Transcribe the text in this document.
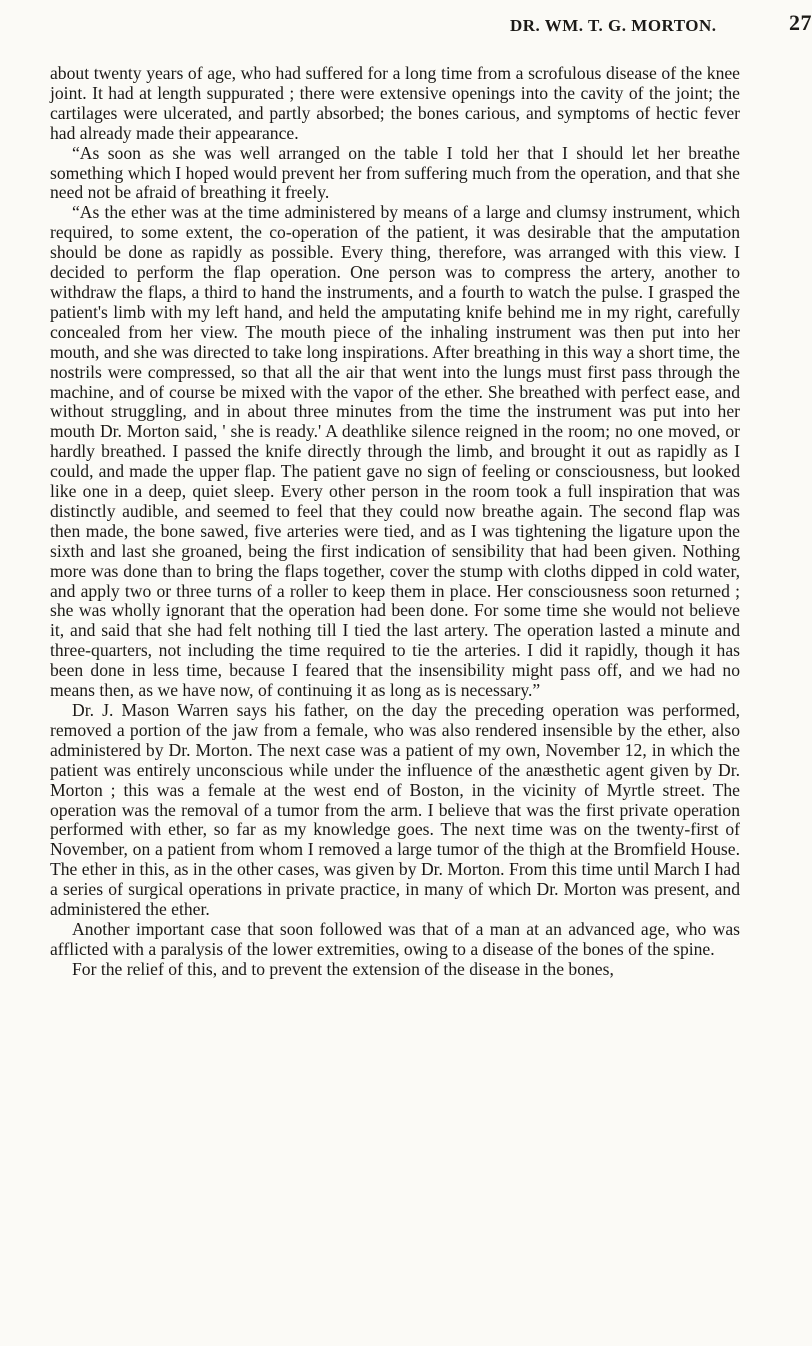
DR. WM. T. G. MORTON.	27

about twenty years of age, who had suffered for a long time from a scrofulous disease of the knee joint. It had at length suppurated ; there were extensive openings into the cavity of the joint; the cartilages were ulcerated, and partly absorbed; the bones carious, and symptoms of hectic fever had already made their appearance.

“As soon as she was well arranged on the table I told her that I should let her breathe something which I hoped would prevent her from suffering much from the operation, and that she need not be afraid of breathing it freely.

“As the ether was at the time administered by means of a large and clumsy instrument, which required, to some extent, the co-operation of the patient, it was desirable that the amputation should be done as rapidly as possible. Every thing, therefore, was arranged with this view. I decided to perform the flap operation. One person was to compress the artery, another to withdraw the flaps, a third to hand the instruments, and a fourth to watch the pulse. I grasped the patient's limb with my left hand, and held the amputating knife behind me in my right, carefully concealed from her view. The mouth piece of the inhaling instrument was then put into her mouth, and she was directed to take long inspirations. After breathing in this way a short time, the nostrils were compressed, so that all the air that went into the lungs must first pass through the machine, and of course be mixed with the vapor of the ether. She breathed with perfect ease, and without struggling, and in about three minutes from the time the instrument was put into her mouth Dr. Morton said, ' she is ready.' A deathlike silence reigned in the room; no one moved, or hardly breathed. I passed the knife directly through the limb, and brought it out as rapidly as I could, and made the upper flap. The patient gave no sign of feeling or consciousness, but looked like one in a deep, quiet sleep. Every other person in the room took a full inspiration that was distinctly audible, and seemed to feel that they could now breathe again. The second flap was then made, the bone sawed, five arteries were tied, and as I was tightening the ligature upon the sixth and last she groaned, being the first indication of sensibility that had been given. Nothing more was done than to bring the flaps together, cover the stump with cloths dipped in cold water, and apply two or three turns of a roller to keep them in place. Her consciousness soon returned ; she was wholly ignorant that the operation had been done. For some time she would not believe it, and said that she had felt nothing till I tied the last artery. The operation lasted a minute and three-quarters, not including the time required to tie the arteries. I did it rapidly, though it has been done in less time, because I feared that the insensibility might pass off, and we had no means then, as we have now, of continuing it as long as is necessary.”

Dr. J. Mason Warren says his father, on the day the preceding operation was performed, removed a portion of the jaw from a female, who was also rendered insensible by the ether, also administered by Dr. Morton. The next case was a patient of my own, November 12, in which the patient was entirely unconscious while under the influence of the anæsthetic agent given by Dr. Morton ; this was a female at the west end of Boston, in the vicinity of Myrtle street. The operation was the removal of a tumor from the arm. I believe that was the first private operation performed with ether, so far as my knowledge goes. The next time was on the twenty-first of November, on a patient from whom I removed a large tumor of the thigh at the Bromfield House. The ether in this, as in the other cases, was given by Dr. Morton. From this time until March I had a series of surgical operations in private practice, in many of which Dr. Morton was present, and administered the ether.

Another important case that soon followed was that of a man at an advanced age, who was afflicted with a paralysis of the lower extremities, owing to a disease of the bones of the spine.

For the relief of this, and to prevent the extension of the disease in the bones,
